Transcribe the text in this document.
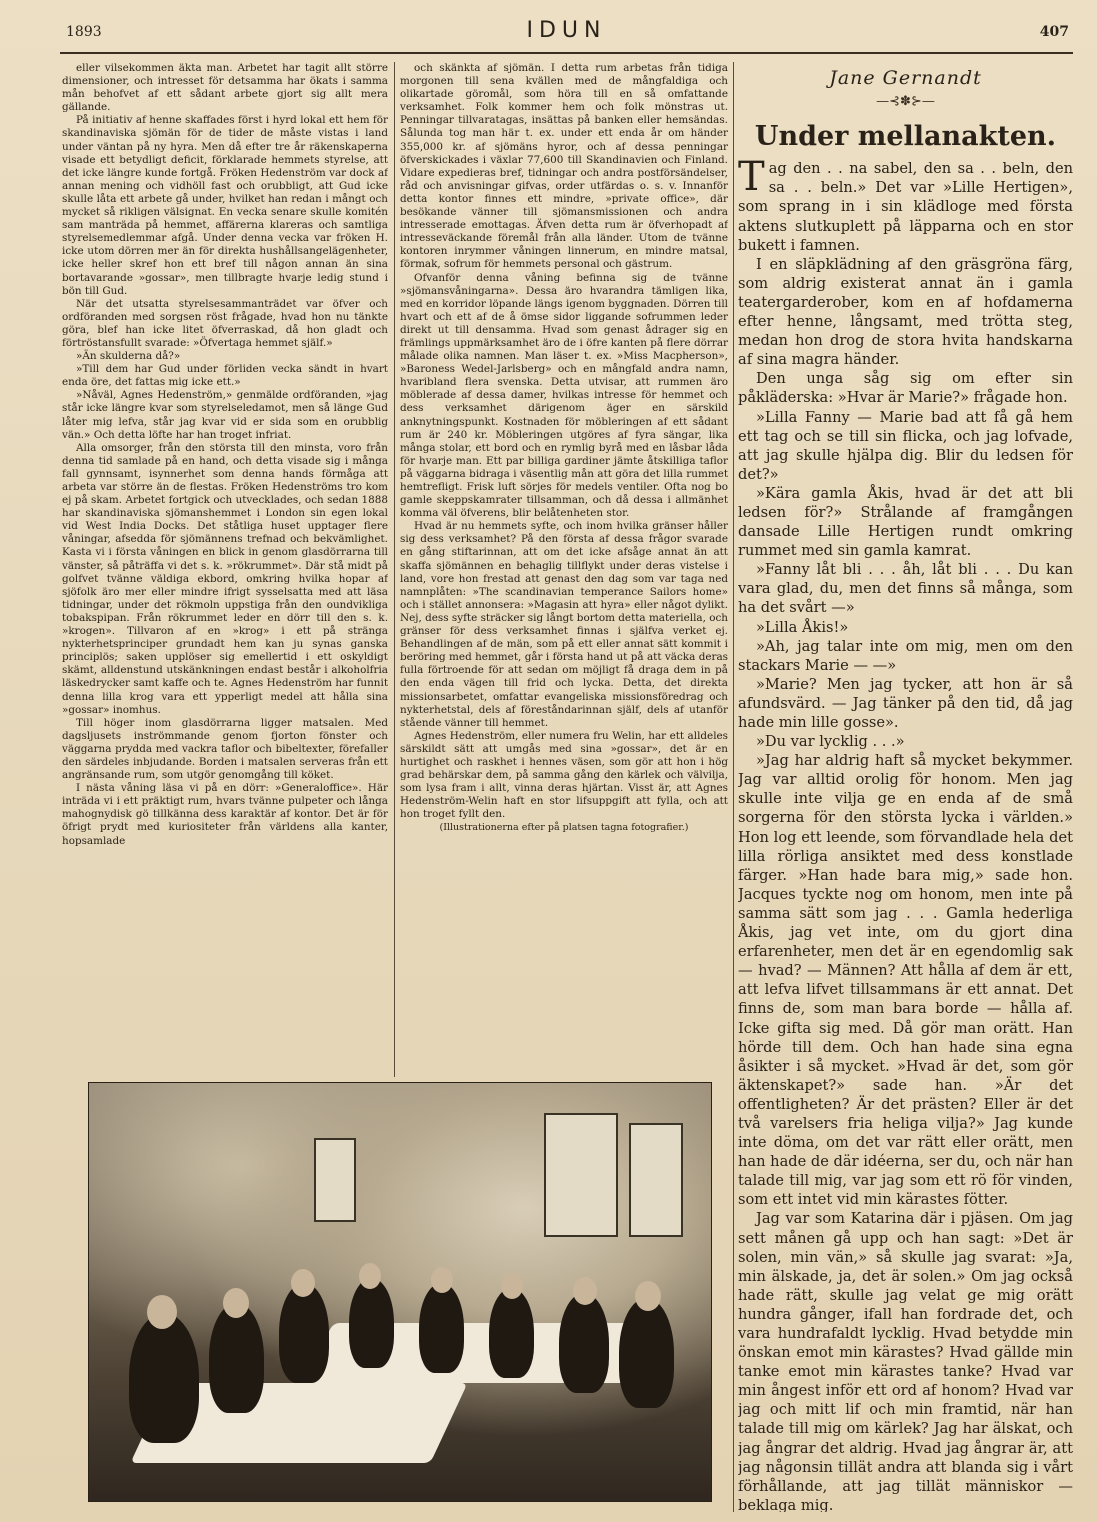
1893	IDUN	407

eller vilsekommen äkta man. Arbetet har tagit allt större dimensioner, och intresset för detsamma har ökats i samma mån behofvet af ett sådant arbete gjort sig allt mera gällande.

På initiativ af henne skaffades först i hyrd lokal ett hem för skandinaviska sjömän för de tider de måste vistas i land under väntan på ny hyra. Men då efter tre år räkenskaperna visade ett betydligt deficit, förklarade hemmets styrelse, att det icke längre kunde fortgå. Fröken Hedenström var dock af annan mening och vidhöll fast och orubbligt, att Gud icke skulle låta ett arbete gå under, hvilket han redan i mångt och mycket så rikligen välsignat. En vecka senare skulle komitén sam manträda på hemmet, affärerna klareras och samtliga styrelsemedlemmar afgå. Under denna vecka var fröken H. icke utom dörren mer än för direkta hushållsangelägenheter, icke heller skref hon ett bref till någon annan än sina bortavarande »gossar», men tillbragte hvarje ledig stund i bön till Gud.

När det utsatta styrelsesammanträdet var öfver och ordföranden med sorgsen röst frågade, hvad hon nu tänkte göra, blef han icke litet öfverraskad, då hon gladt och förtröstansfullt svarade: »Öfvertaga hemmet själf.»

»Än skulderna då?»

»Till dem har Gud under förliden vecka sändt in hvart enda öre, det fattas mig icke ett.»

»Nåväl, Agnes Hedenström,» genmälde ordföranden, »jag står icke längre kvar som styrelseledamot, men så länge Gud låter mig lefva, står jag kvar vid er sida som en orubblig vän.» Och detta löfte har han troget infriat.

Alla omsorger, från den största till den minsta, voro från denna tid samlade på en hand, och detta visade sig i många fall gynnsamt, isynnerhet som denna hands förmåga att arbeta var större än de flestas. Fröken Hedenströms tro kom ej på skam. Arbetet fortgick och utvecklades, och sedan 1888 har skandinaviska sjömanshemmet i London sin egen lokal vid West India Docks. Det ståtliga huset upptager flere våningar, afsedda för sjömännens trefnad och bekvämlighet. Kasta vi i första våningen en blick in genom glasdörrarna till vänster, så påträffa vi det s. k. »rökrummet». Där stå midt på golfvet tvänne väldiga ekbord, omkring hvilka hopar af sjöfolk äro mer eller mindre ifrigt sysselsatta med att läsa tidningar, under det rökmoln uppstiga från den oundvikliga tobakspipan. Från rökrummet leder en dörr till den s. k. »krogen». Tillvaron af en »krog» i ett på stränga nykterhetsprinciper grundadt hem kan ju synas ganska principlös; saken upplöser sig emellertid i ett oskyldigt skämt, alldenstund utskänkningen endast består i alkoholfria läskedrycker samt kaffe och te. Agnes Hedenström har funnit denna lilla krog vara ett ypperligt medel att hålla sina »gossar» inomhus.

Till höger inom glasdörrarna ligger matsalen. Med dagsljusets inströmmande genom fjorton fönster och väggarna prydda med vackra taflor och bibeltexter, förefaller den särdeles inbjudande. Borden i matsalen serveras från ett angränsande rum, som utgör genomgång till köket.

I nästa våning läsa vi på en dörr: »Generaloffice». Här inträda vi i ett präktigt rum, hvars tvänne pulpeter och långa mahognydisk gö tillkänna dess karaktär af kontor. Det är för öfrigt prydt med kuriositeter från världens alla kanter, hopsamlade

och skänkta af sjömän. I detta rum arbetas från tidiga morgonen till sena kvällen med de mångfaldiga och olikartade göromål, som höra till en så omfattande verksamhet. Folk kommer hem och folk mönstras ut. Penningar tillvaratagas, insättas på banken eller hemsändas. Sålunda tog man här t. ex. under ett enda år om händer 355,000 kr. af sjömäns hyror, och af dessa penningar öfverskickades i växlar 77,600 till Skandinavien och Finland. Vidare expedieras bref, tidningar och andra postförsändelser, råd och anvisningar gifvas, order utfärdas o. s. v. Innanför detta kontor finnes ett mindre, »private office», där besökande vänner till sjömansmissionen och andra intresserade emottagas. Äfven detta rum är öfverhopadt af intresseväckande föremål från alla länder. Utom de tvänne kontoren inrymmer våningen linnerum, en mindre matsal, förmak, sofrum för hemmets personal och gästrum.

Ofvanför denna våning befinna sig de tvänne »sjömansvåningarna». Dessa äro hvarandra tämligen lika, med en korridor löpande längs igenom byggnaden. Dörren till hvart och ett af de å ömse sidor liggande sofrummen leder direkt ut till densamma. Hvad som genast ådrager sig en främlings uppmärksamhet äro de i öfre kanten på flere dörrar målade olika namnen. Man läser t. ex. »Miss Macpherson», »Baroness Wedel-Jarlsberg» och en mångfald andra namn, hvaribland flera svenska. Detta utvisar, att rummen äro möblerade af dessa damer, hvilkas intresse för hemmet och dess verksamhet därigenom äger en särskild anknytningspunkt. Kostnaden för möbleringen af ett sådant rum är 240 kr. Möbleringen utgöres af fyra sängar, lika många stolar, ett bord och en rymlig byrå med en låsbar låda för hvarje man. Ett par billiga gardiner jämte åtskilliga taflor på väggarna bidraga i väsentlig mån att göra det lilla rummet hemtrefligt. Frisk luft sörjes för medels ventiler. Ofta nog bo gamle skeppskamrater tillsamman, och då dessa i allmänhet komma väl öfverens, blir belåtenheten stor.

Hvad är nu hemmets syfte, och inom hvilka gränser håller sig dess verksamhet? På den första af dessa frågor svarade en gång stiftarinnan, att om det icke afsåge annat än att skaffa sjömännen en behaglig tillflykt under deras vistelse i land, vore hon frestad att genast den dag som var taga ned namnplåten: »The scandinavian temperance Sailors home» och i stället annonsera: »Magasin att hyra» eller något dylikt. Nej, dess syfte sträcker sig långt bortom detta materiella, och gränser för dess verksamhet finnas i själfva verket ej. Behandlingen af de män, som på ett eller annat sätt kommit i beröring med hemmet, går i första hand ut på att väcka deras fulla förtroende för att sedan om möjligt få draga dem in på den enda vägen till frid och lycka. Detta, det direkta missionsarbetet, omfattar evangeliska missionsföredrag och nykterhetstal, dels af föreståndarinnan själf, dels af utanför stående vänner till hemmet.

Agnes Hedenström, eller numera fru Welin, har ett alldeles särskildt sätt att umgås med sina »gossar», det är en hurtighet och raskhet i hennes väsen, som gör att hon i hög grad behärskar dem, på samma gång den kärlek och välvilja, som lysa fram i allt, vinna deras hjärtan. Visst är, att Agnes Hedenström-Welin haft en stor lifsuppgift att fylla, och att hon troget fyllt den.

(Illustrationerna efter på platsen tagna fotografier.)

Jane Gernandt
—⊰✽⊱—
Under mellanakten.

Tag den . . na sabel, den sa . . beln, den sa . . beln.» Det var »Lille Hertigen», som sprang in i sin klädloge med första aktens slutkuplett på läpparna och en stor bukett i famnen.

I en släpklädning af den gräsgröna färg, som aldrig existerat annat än i gamla teatergarderober, kom en af hofdamerna efter henne, långsamt, med trötta steg, medan hon drog de stora hvita handskarna af sina magra händer.

Den unga såg sig om efter sin påkläderska: »Hvar är Marie?» frågade hon.

»Lilla Fanny — Marie bad att få gå hem ett tag och se till sin flicka, och jag lofvade, att jag skulle hjälpa dig. Blir du ledsen för det?»

»Kära gamla Åkis, hvad är det att bli ledsen för?» Strålande af framgången dansade Lille Hertigen rundt omkring rummet med sin gamla kamrat.

»Fanny låt bli . . . åh, låt bli . . . Du kan vara glad, du, men det finns så många, som ha det svårt —»

»Lilla Åkis!»

»Ah, jag talar inte om mig, men om den stackars Marie — —»

»Marie? Men jag tycker, att hon är så afundsvärd. — Jag tänker på den tid, då jag hade min lille gosse».

»Du var lycklig . . .»

»Jag har aldrig haft så mycket bekymmer. Jag var alltid orolig för honom. Men jag skulle inte vilja ge en enda af de små sorgerna för den största lycka i världen.» Hon log ett leende, som förvandlade hela det lilla rörliga ansiktet med dess konstlade färger. »Han hade bara mig,» sade hon. Jacques tyckte nog om honom, men inte på samma sätt som jag . . . Gamla hederliga Åkis, jag vet inte, om du gjort dina erfarenheter, men det är en egendomlig sak — hvad? — Männen? Att hålla af dem är ett, att lefva lifvet tillsammans är ett annat. Det finns de, som man bara borde — hålla af. Icke gifta sig med. Då gör man orätt. Han hörde till dem. Och han hade sina egna åsikter i så mycket. »Hvad är det, som gör äktenskapet?» sade han. »Är det offentligheten? Är det prästen? Eller är det två varelsers fria heliga vilja?» Jag kunde inte döma, om det var rätt eller orätt, men han hade de där idéerna, ser du, och när han talade till mig, var jag som ett rö för vinden, som ett intet vid min kärastes fötter.

Jag var som Katarina där i pjäsen. Om jag sett månen gå upp och han sagt: »Det är solen, min vän,» så skulle jag svarat: »Ja, min älskade, ja, det är solen.» Om jag också hade rätt, skulle jag velat ge mig orätt hundra gånger, ifall han fordrade det, och vara hundrafaldt lycklig. Hvad betydde min önskan emot min kärastes? Hvad gällde min tanke emot min kärastes tanke? Hvad var min ångest inför ett ord af honom? Hvad var jag och mitt lif och min framtid, när han talade till mig om kärlek? Jag har älskat, och jag ångrar det aldrig. Hvad jag ångrar är, att jag någonsin tillät andra att blanda sig i vårt förhållande, att jag tillät människor — beklaga mig.
